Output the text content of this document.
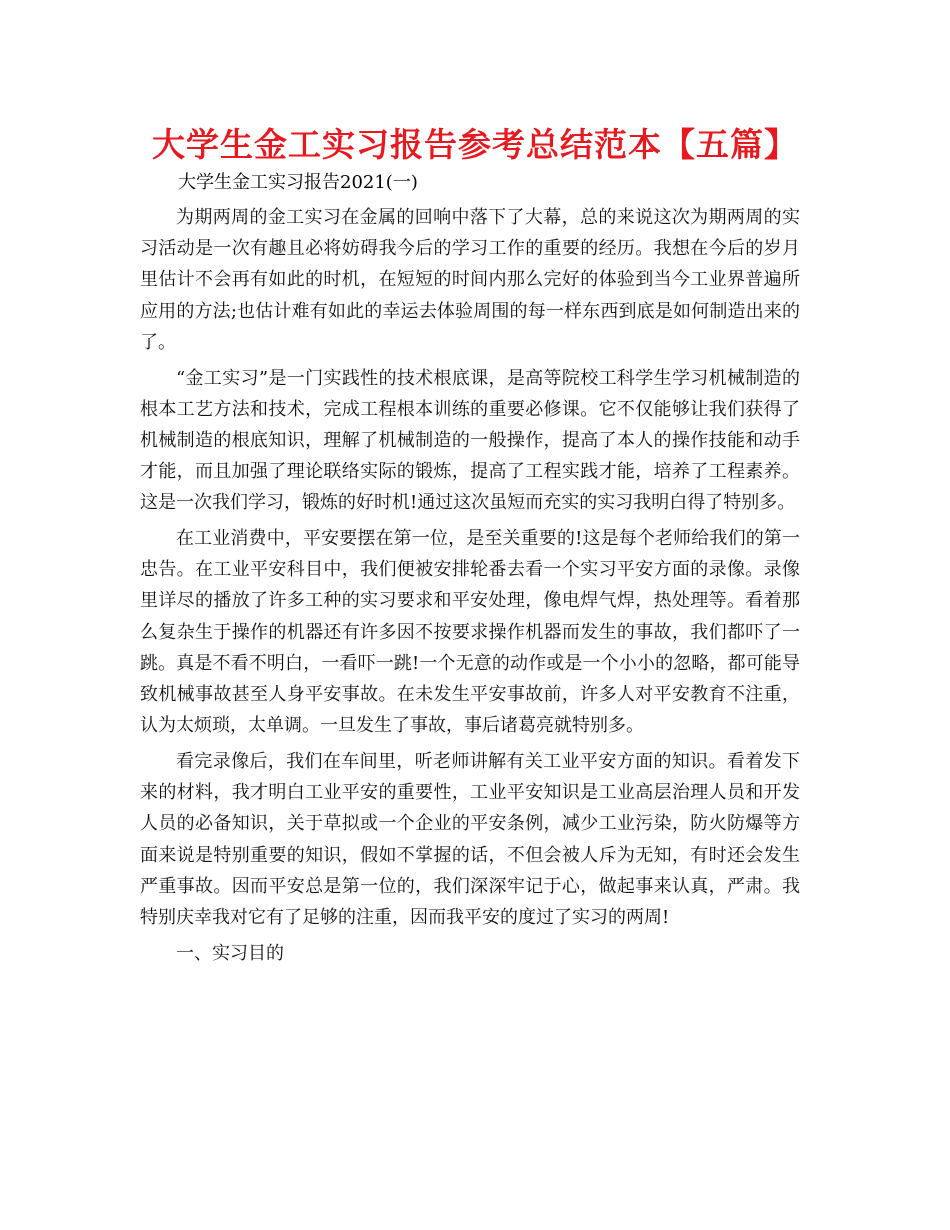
大学生金工实习报告参考总结范本【五篇】
大学生金工实习报告2021(一)

为期两周的金工实习在金属的回响中落下了大幕，总的来说这次为期两周的实习活动是一次有趣且必将妨碍我今后的学习工作的重要的经历。我想在今后的岁月里估计不会再有如此的时机，在短短的时间内那么完好的体验到当今工业界普遍所应用的方法;也估计难有如此的幸运去体验周围的每一样东西到底是如何制造出来的了。

“金工实习”是一门实践性的技术根底课，是高等院校工科学生学习机械制造的根本工艺方法和技术，完成工程根本训练的重要必修课。它不仅能够让我们获得了机械制造的根底知识，理解了机械制造的一般操作，提高了本人的操作技能和动手才能，而且加强了理论联络实际的锻炼，提高了工程实践才能，培养了工程素养。这是一次我们学习，锻炼的好时机!通过这次虽短而充实的实习我明白得了特别多。

在工业消费中，平安要摆在第一位，是至关重要的!这是每个老师给我们的第一忠告。在工业平安科目中，我们便被安排轮番去看一个实习平安方面的录像。录像里详尽的播放了许多工种的实习要求和平安处理，像电焊气焊，热处理等。看着那么复杂生于操作的机器还有许多因不按要求操作机器而发生的事故，我们都吓了一跳。真是不看不明白，一看吓一跳!一个无意的动作或是一个小小的忽略，都可能导致机械事故甚至人身平安事故。在未发生平安事故前，许多人对平安教育不注重，认为太烦琐，太单调。一旦发生了事故，事后诸葛亮就特别多。

看完录像后，我们在车间里，听老师讲解有关工业平安方面的知识。看着发下来的材料，我才明白工业平安的重要性，工业平安知识是工业高层治理人员和开发人员的必备知识，关于草拟或一个企业的平安条例，减少工业污染，防火防爆等方面来说是特别重要的知识，假如不掌握的话，不但会被人斥为无知，有时还会发生严重事故。因而平安总是第一位的，我们深深牢记于心，做起事来认真，严肃。我特别庆幸我对它有了足够的注重，因而我平安的度过了实习的两周!

一、实习目的
